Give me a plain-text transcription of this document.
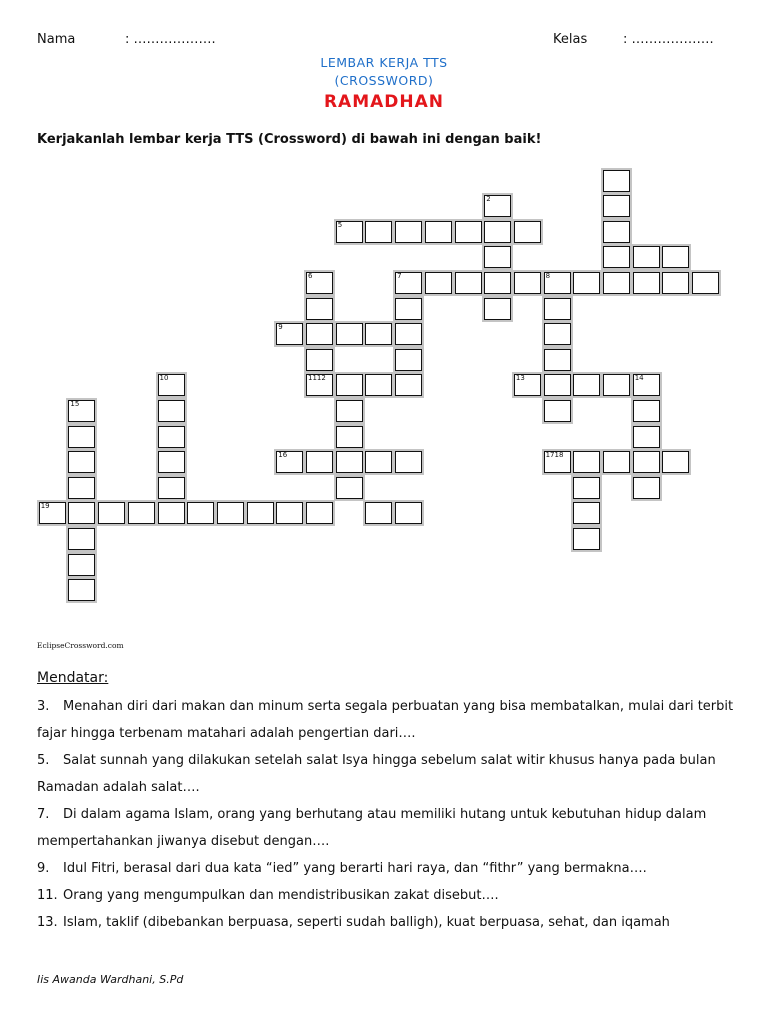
Nama	: ……………….	Kelas	: ……………….
LEMBAR KERJA TTS
(CROSSWORD)
RAMADHAN
Kerjakanlah lembar kerja TTS (Crossword) di bawah ini dengan baik!
2
5
6	7	8
9
10	1112	13	14
15
16	1718
19
EclipseCrossword.com
Mendatar:
3. Menahan diri dari makan dan minum serta segala perbuatan yang bisa membatalkan, mulai dari terbit fajar hingga terbenam matahari adalah pengertian dari….
5. Salat sunnah yang dilakukan setelah salat Isya hingga sebelum salat witir khusus hanya pada bulan Ramadan adalah salat….
7. Di dalam agama Islam, orang yang berhutang atau memiliki hutang untuk kebutuhan hidup dalam mempertahankan jiwanya disebut dengan….
9. Idul Fitri, berasal dari dua kata “ied” yang berarti hari raya, dan “fithr” yang bermakna….
11. Orang yang mengumpulkan dan mendistribusikan zakat disebut….
13. Islam, taklif (dibebankan berpuasa, seperti sudah balligh), kuat berpuasa, sehat, dan iqamah
Iis Awanda Wardhani, S.Pd
